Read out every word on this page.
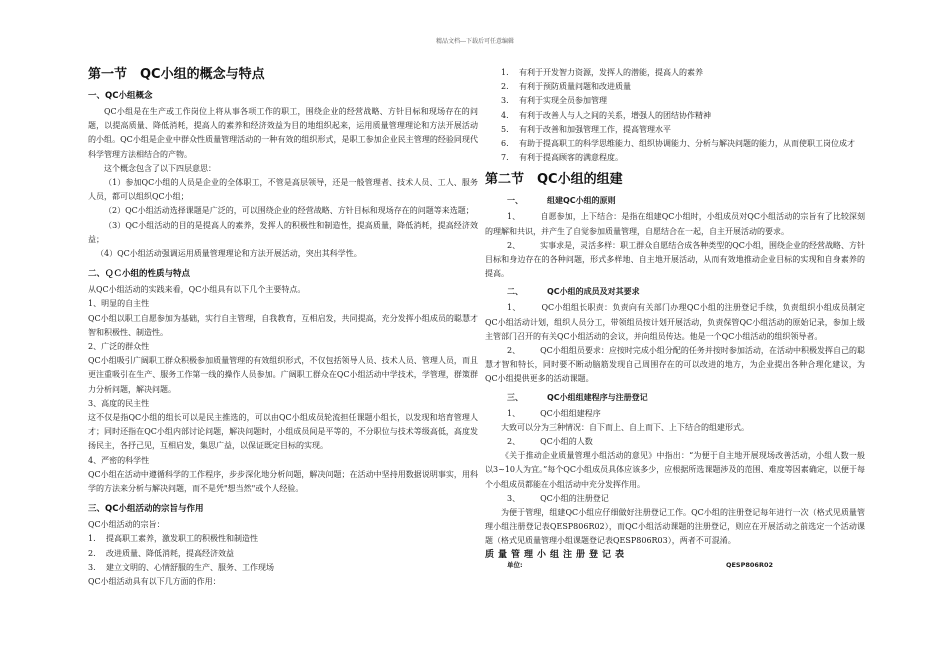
精品文档---下载后可任意编辑
第一节　QC小组的概念与特点
一、QC小组概念

QC小组是在生产或工作岗位上将从事各项工作的职工，围绕企业的经营战略、方针目标和现场存在的问题，以提高质量、降低消耗，提高人的素养和经济效益为目的地组织起来，运用质量管理理论和方法开展活动的小组。QC小组是企业中群众性质量管理活动的一种有效的组织形式，是职工参加企业民主管理的经验同现代科学管理方法相结合的产物。

这个概念包含了以下四层意思：

（1）参加QC小组的人员是企业的全体职工，不管是高层领导，还是一般管理者、技术人员、工人、服务人员，都可以组织QC小组；

（2）QC小组活动选择课题是广泛的，可以围绕企业的经营战略、方针目标和现场存在的问题等来选题；

（3）QC小组活动的目的是提高人的素养，发挥人的积极性和制造性，提高质量，降低消耗，提高经济效益；

（4）QC小组活动强调运用质量管理理论和方法开展活动，突出其科学性。

二、ＱＣ小组的性质与特点

从QC小组活动的实践来看，QC小组具有以下几个主要特点。

1、明显的自主性

QC小组以职工自愿参加为基础，实行自主管理，自我教育，互相启发，共同提高，充分发挥小组成员的聪慧才智和积极性、制造性。

2、广泛的群众性

QC小组吸引广阔职工群众积极参加质量管理的有效组织形式，不仅包括领导人员、技术人员、管理人员，而且更注重吸引在生产、服务工作第一线的操作人员参加。广阔职工群众在QC小组活动中学技术，学管理，群策群力分析问题，解决问题。

3、高度的民主性

这不仅是指QC小组的组长可以是民主推选的，可以由QC小组成员轮流担任课题小组长，以发现和培育管理人才；同时还指在QC小组内部讨论问题，解决问题时，小组成员间是平等的，不分职位与技术等级高低，高度发扬民主，各抒己见，互相启发，集思广益，以保证既定目标的实现。

4、严密的科学性

QC小组在活动中遵循科学的工作程序，步步深化地分析问题，解决问题；在活动中坚持用数据说明事实，用科学的方法来分析与解决问题，而不是凭"想当然"或个人经验。

三、QC小组活动的宗旨与作用

QC小组活动的宗旨：

1.	提高职工素养，激发职工的积极性和制造性
2.	改进质量、降低消耗，提高经济效益
3.	建立文明的、心情舒服的生产、服务、工作现场

QC小组活动具有以下几方面的作用：

1.	有利于开发智力资源，发挥人的潜能，提高人的素养
2.	有利于预防质量问题和改进质量
3.	有利于实现全员参加管理
4.	有利于改善人与人之间的关系，增强人的团结协作精神
5.	有利于改善和加强管理工作，提高管理水平
6.	有助于提高职工的科学思维能力、组织协调能力、分析与解决问题的能力，从而使职工岗位成才
7.	有利于提高顾客的满意程度。
第二节　QC小组的组建
一、	组建QC小组的原则

1、　　　	自愿参加，上下结合：是指在组建QC小组时，小组成员对QC小组活动的宗旨有了比较深刻的理解和共识，并产生了自觉参加质量管理，自愿结合在一起，自主开展活动的要求。

2、　　　	实事求是，灵活多样：职工群众自愿结合成各种类型的QC小组，围绕企业的经营战略、方针目标和身边存在的各种问题，形式多样地、自主地开展活动，从而有效地推动企业目标的实现和自身素养的提高。

二、	QC小组的成员及对其要求

1、　　　	QC小组组长职责：负责向有关部门办理QC小组的注册登记手续，负责组织小组成员制定QC小组活动计划，组织人员分工，带领组员按计划开展活动，负责保管QC小组活动的原始记录，参加上级主管部门召开的有关QC小组活动的会议，并向组员传达。他是一个QC小组活动的组织领导者。

2、　　　	QC小组组员要求：应按时完成小组分配的任务并按时参加活动，在活动中积极发挥自己的聪慧才智和特长，同时要不断动脑筋发现自己周围存在的可以改进的地方，为企业提出各种合理化建议，为QC小组提供更多的活动课题。

三、	QC小组组建程序与注册登记

1、　　　	QC小组组建程序

大致可以分为三种情况：自下而上、自上而下、上下结合的组建形式。

2、　　　	QC小组的人数

《关于推动企业质量管理小组活动的意见》中指出：“为便于自主地开展现场改善活动，小组人数一般以3~10人为宜。”每个QC小组成员具体应该多少，应根据所选课题涉及的范围、难度等因素确定，以便于每个小组成员都能在小组活动中充分发挥作用。

3、　　　	QC小组的注册登记

为便于管理，组建QC小组应仔细做好注册登记工作。QC小组的注册登记每年进行一次（格式见质量管理小组注册登记表QESP806R02），而QC小组活动课题的注册登记，则应在开展活动之前选定一个活动课题（格式见质量管理小组课题登记表QESP806R03），两者不可混淆。

质量管理小组注册登记表
单位:	QESP806R02
